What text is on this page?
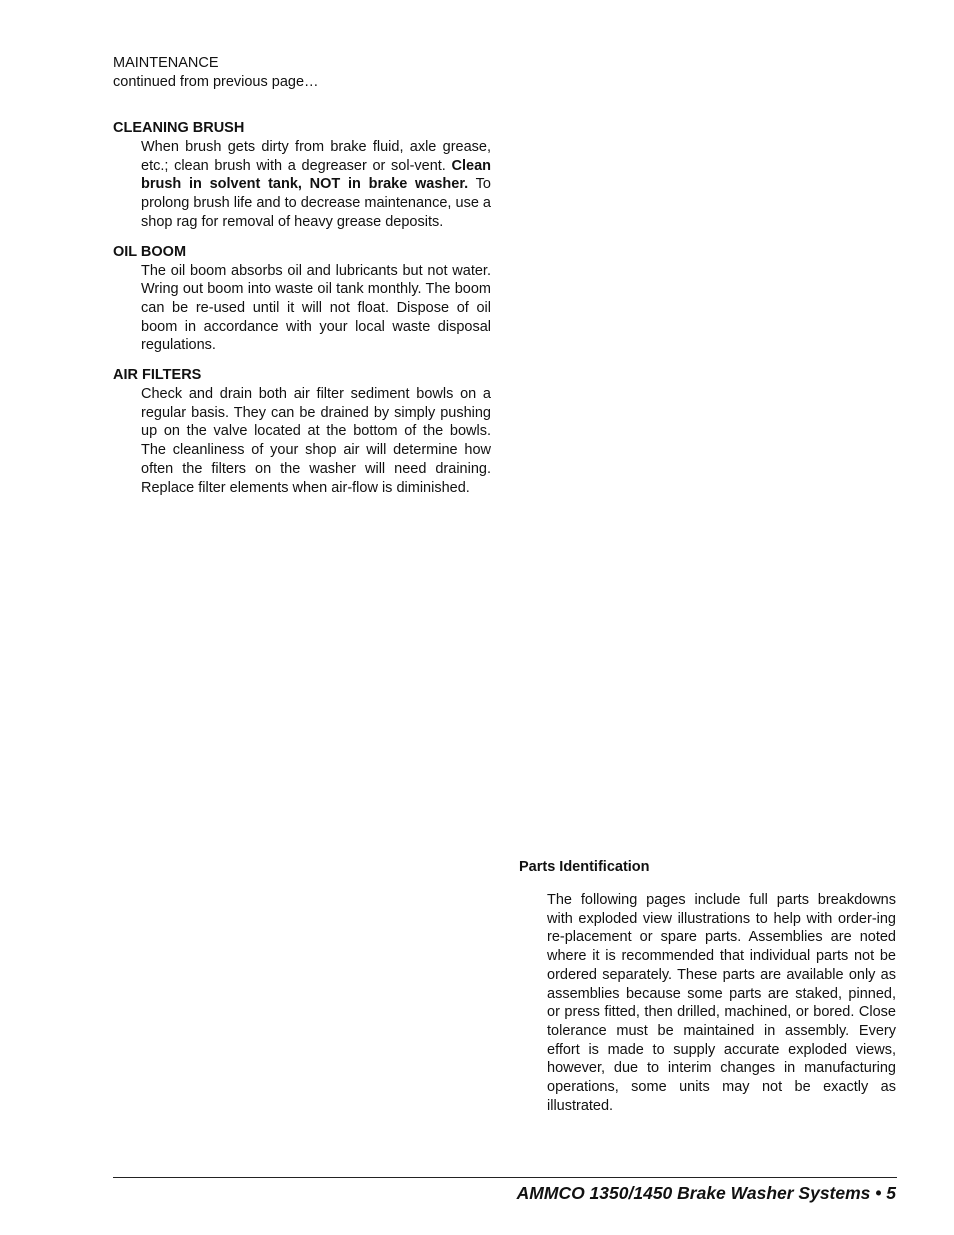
MAINTENANCE
continued from previous page…
CLEANING BRUSH
When brush gets dirty from brake fluid, axle grease, etc.; clean brush with a degreaser or sol-vent. Clean brush in solvent tank, NOT in brake washer. To prolong brush life and to decrease maintenance, use a shop rag for removal of heavy grease deposits.
OIL BOOM
The oil boom absorbs oil and lubricants but not water. Wring out boom into waste oil tank monthly. The boom can be re-used until it will not float. Dispose of oil boom in accordance with your local waste disposal regulations.
AIR FILTERS
Check and drain both air filter sediment bowls on a regular basis. They can be drained by simply pushing up on the valve located at the bottom of the bowls. The cleanliness of your shop air will determine how often the filters on the washer will need draining. Replace filter elements when air-flow is diminished.
Parts Identification
The following pages include full parts breakdowns with exploded view illustrations to help with order-ing re-placement or spare parts. Assemblies are noted where it is recommended that individual parts not be ordered separately. These parts are available only as assemblies because some parts are staked, pinned, or press fitted, then drilled, machined, or bored. Close tolerance must be maintained in assembly. Every effort is made to supply accurate exploded views, however, due to interim changes in manufacturing operations, some units may not be exactly as illustrated.
AMMCO 1350/1450 Brake Washer Systems • 5
